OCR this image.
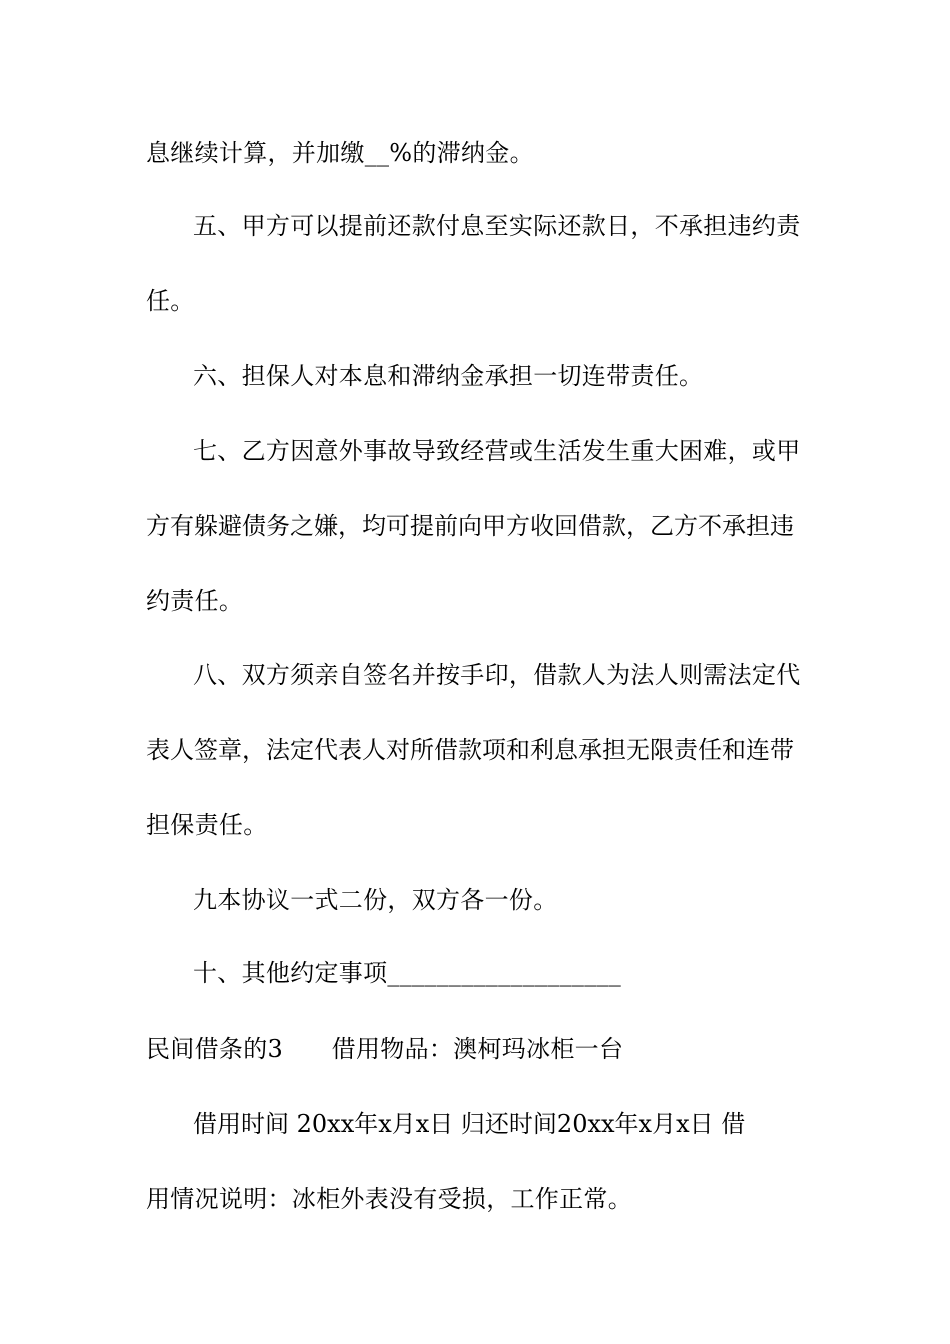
息继续计算，并加缴__%的滞纳金。
五、甲方可以提前还款付息至实际还款日，不承担违约责
任。
六、担保人对本息和滞纳金承担一切连带责任。
七、乙方因意外事故导致经营或生活发生重大困难，或甲
方有躲避债务之嫌，均可提前向甲方收回借款，乙方不承担违
约责任。
八、双方须亲自签名并按手印，借款人为法人则需法定代
表人签章，法定代表人对所借款项和利息承担无限责任和连带
担保责任。
九本协议一式二份，双方各一份。
十、其他约定事项___________________
民间借条的3　　借用物品：澳柯玛冰柜一台
借用时间 20xx年x月x日 归还时间20xx年x月x日 借
用情况说明：冰柜外表没有受损，工作正常。
